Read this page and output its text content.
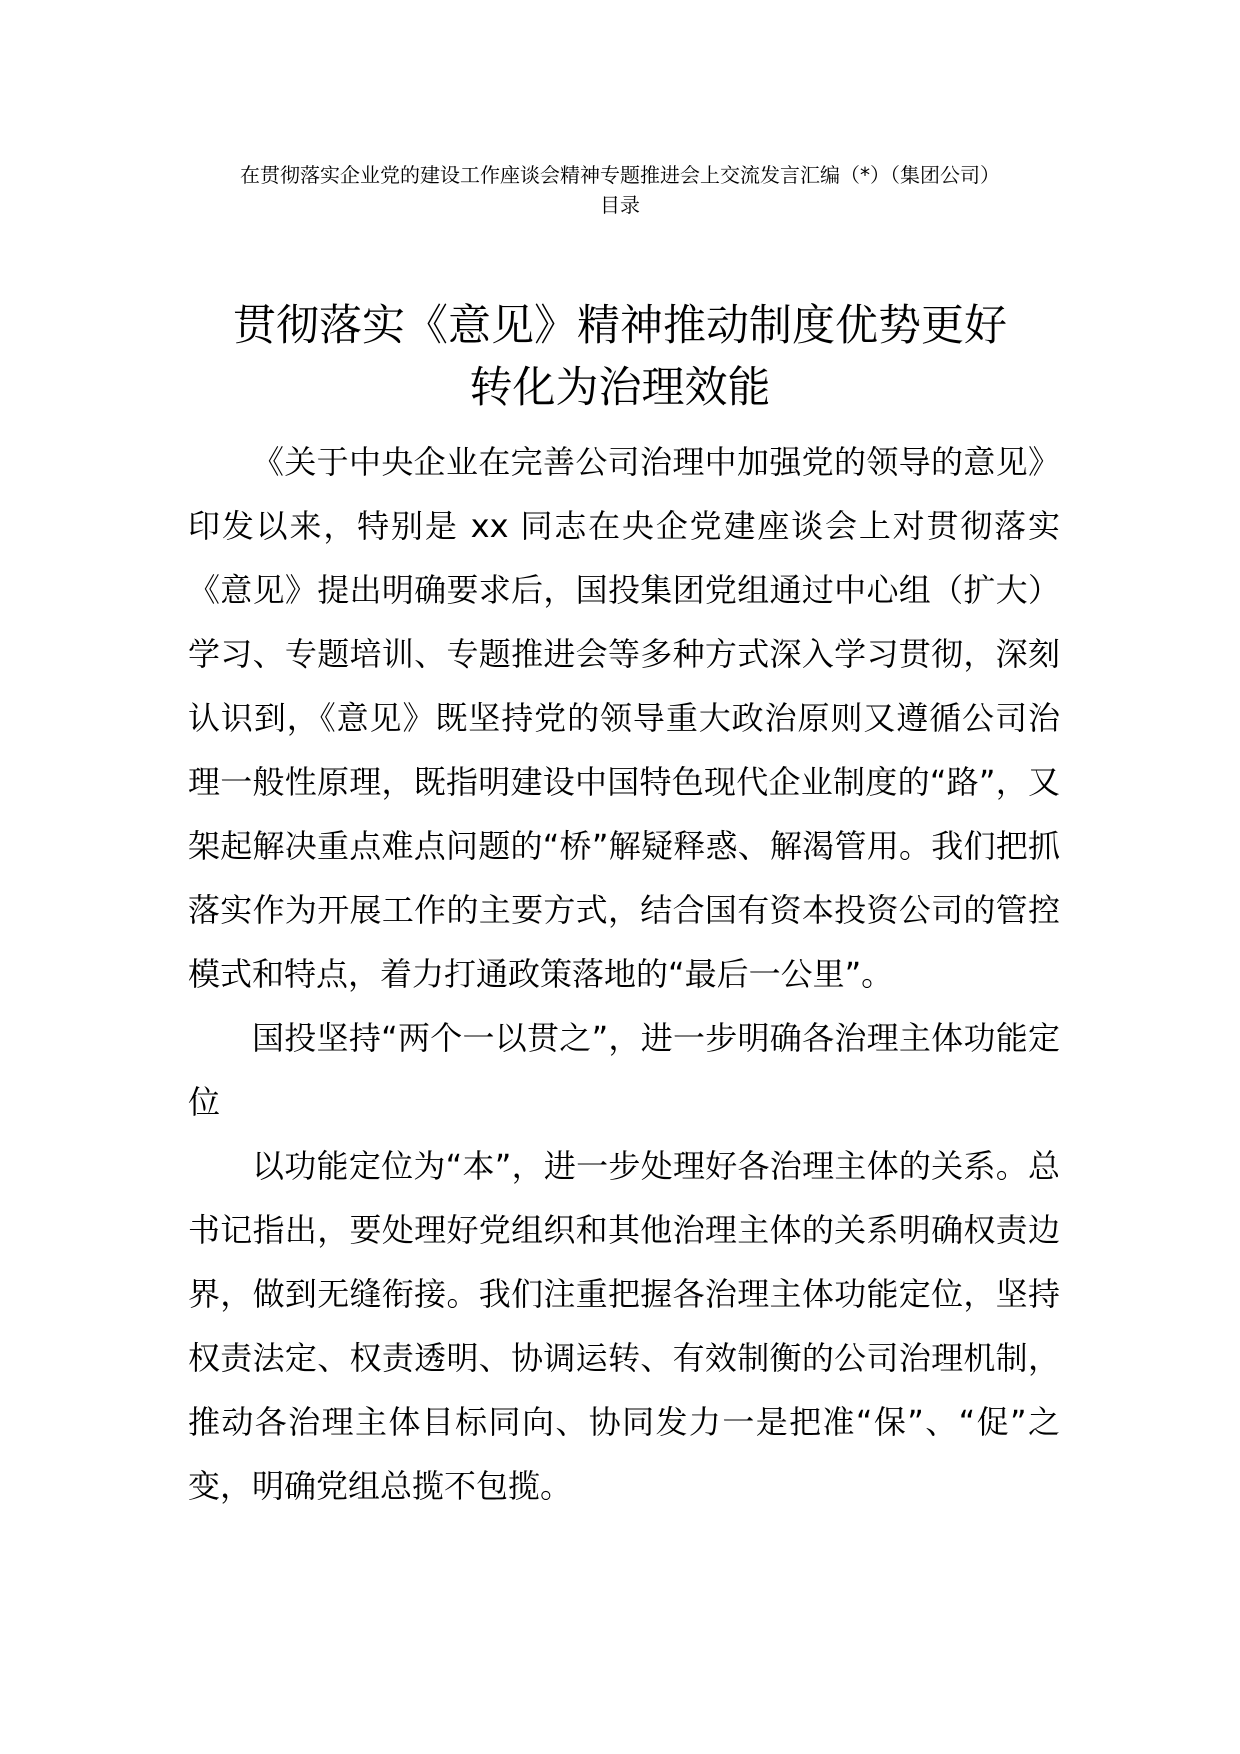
在贯彻落实企业党的建设工作座谈会精神专题推进会上交流发言汇编（*）（集团公司）
目录
贯彻落实《意见》精神推动制度优势更好
转化为治理效能

《关于中央企业在完善公司治理中加强党的领导的意见》印发以来，特别是 xx 同志在央企党建座谈会上对贯彻落实《意见》提出明确要求后，国投集团党组通过中心组（扩大）学习、专题培训、专题推进会等多种方式深入学习贯彻，深刻认识到，《意见》既坚持党的领导重大政治原则又遵循公司治理一般性原理，既指明建设中国特色现代企业制度的“路”，又架起解决重点难点问题的“桥”解疑释惑、解渴管用。我们把抓落实作为开展工作的主要方式，结合国有资本投资公司的管控模式和特点，着力打通政策落地的“最后一公里”。

国投坚持“两个一以贯之”，进一步明确各治理主体功能定位

以功能定位为“本”，进一步处理好各治理主体的关系。总书记指出，要处理好党组织和其他治理主体的关系明确权责边界，做到无缝衔接。我们注重把握各治理主体功能定位，坚持权责法定、权责透明、协调运转、有效制衡的公司治理机制，推动各治理主体目标同向、协同发力一是把准“保”、“促”之变，明确党组总揽不包揽。
